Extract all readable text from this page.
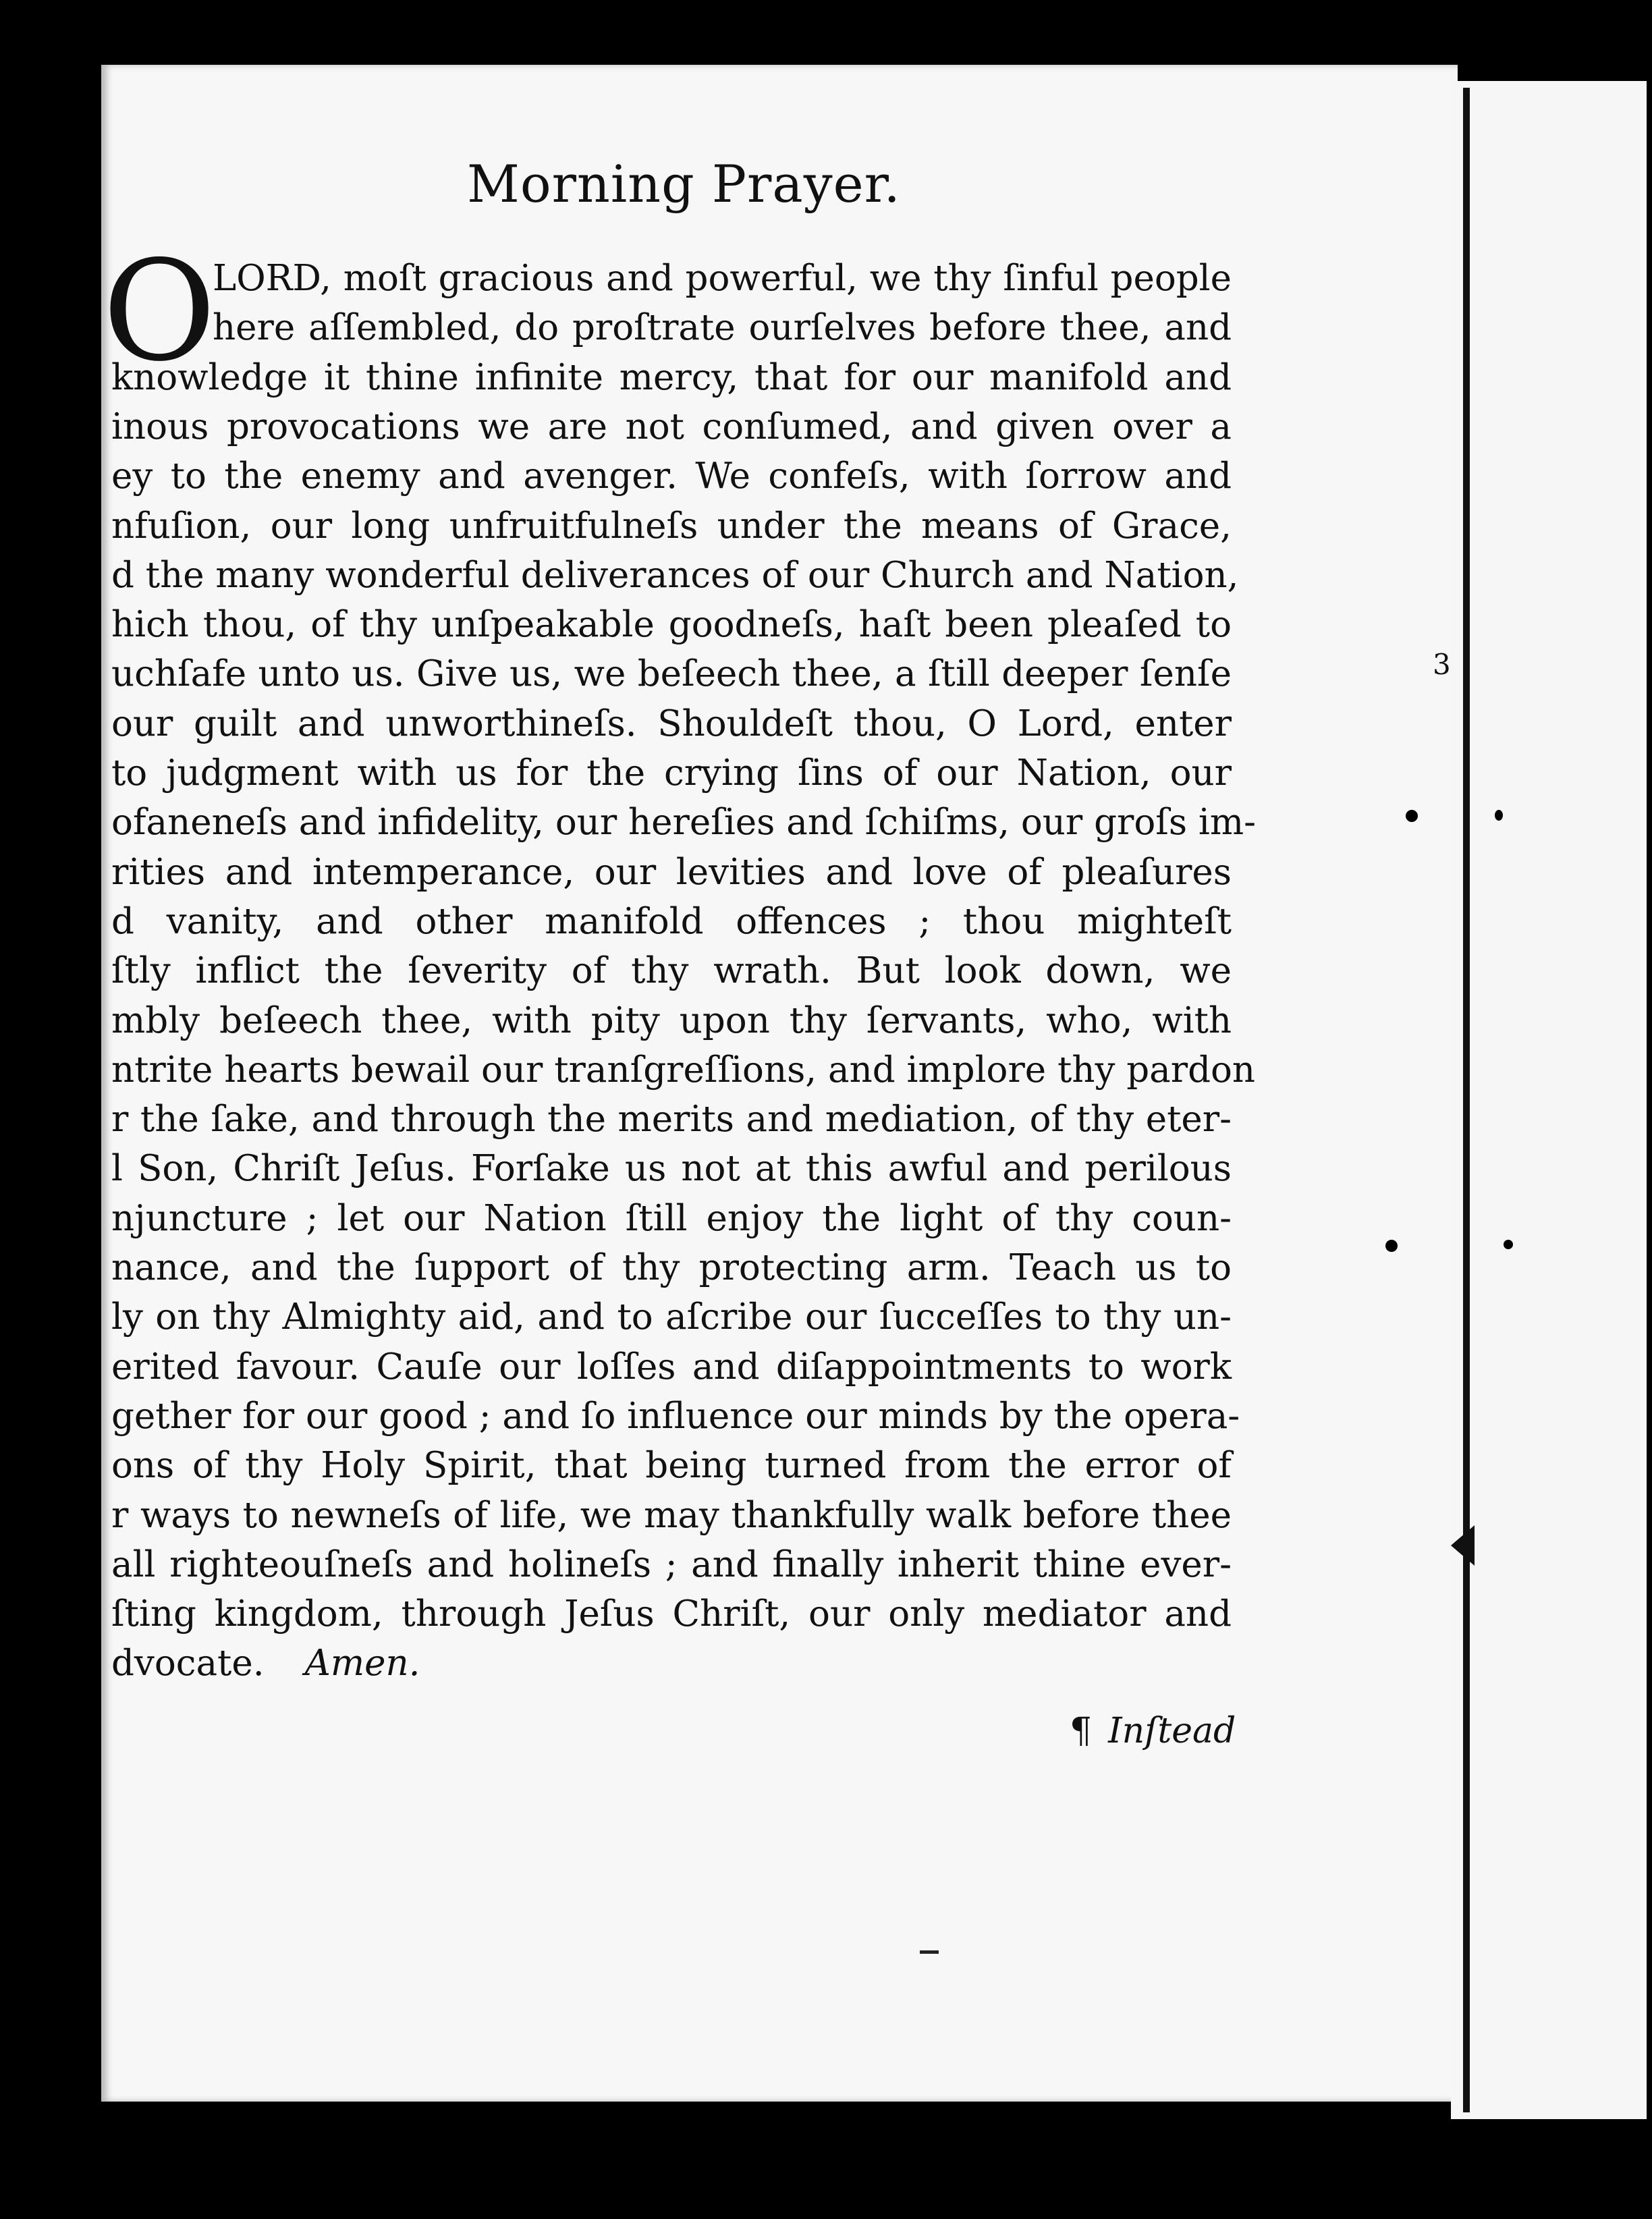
3
Morning Prayer.
O
LORD, moſt gracious and powerful, we thy ſinful people
here aſſembled, do proſtrate ourſelves before thee, and
knowledge it thine infinite mercy, that for our manifold and
inous provocations we are not conſumed, and given over a
ey to the enemy and avenger. We confeſs, with ſorrow and
nfuſion, our long unfruitfulneſs under the means of Grace,
d the many wonderful deliverances of our Church and Nation,
hich thou, of thy unſpeakable goodneſs, haſt been pleaſed to
uchſafe unto us. Give us, we beſeech thee, a ſtill deeper ſenſe
our guilt and unworthineſs. Shouldeſt thou, O Lord, enter
to judgment with us for the crying ſins of our Nation, our
ofaneneſs and infidelity, our hereſies and ſchiſms, our groſs im-
rities and intemperance, our levities and love of pleaſures
d vanity, and other manifold offences ; thou mighteſt
ſtly inflict the ſeverity of thy wrath. But look down, we
mbly beſeech thee, with pity upon thy ſervants, who, with
ntrite hearts bewail our tranſgreſſions, and implore thy pardon
r the ſake, and through the merits and mediation, of thy eter-
l Son, Chriſt Jeſus. Forſake us not at this awful and perilous
njuncture ; let our Nation ſtill enjoy the light of thy coun-
nance, and the ſupport of thy protecting arm. Teach us to
ly on thy Almighty aid, and to aſcribe our ſucceſſes to thy un-
erited favour. Cauſe our loſſes and diſappointments to work
gether for our good ; and ſo influence our minds by the opera-
ons of thy Holy Spirit, that being turned from the error of
r ways to newneſs of life, we may thankfully walk before thee
all righteouſneſs and holineſs ; and finally inherit thine ever-
ſting kingdom, through Jeſus Chriſt, our only mediator and
dvocate. Amen.
¶ Inſtead
